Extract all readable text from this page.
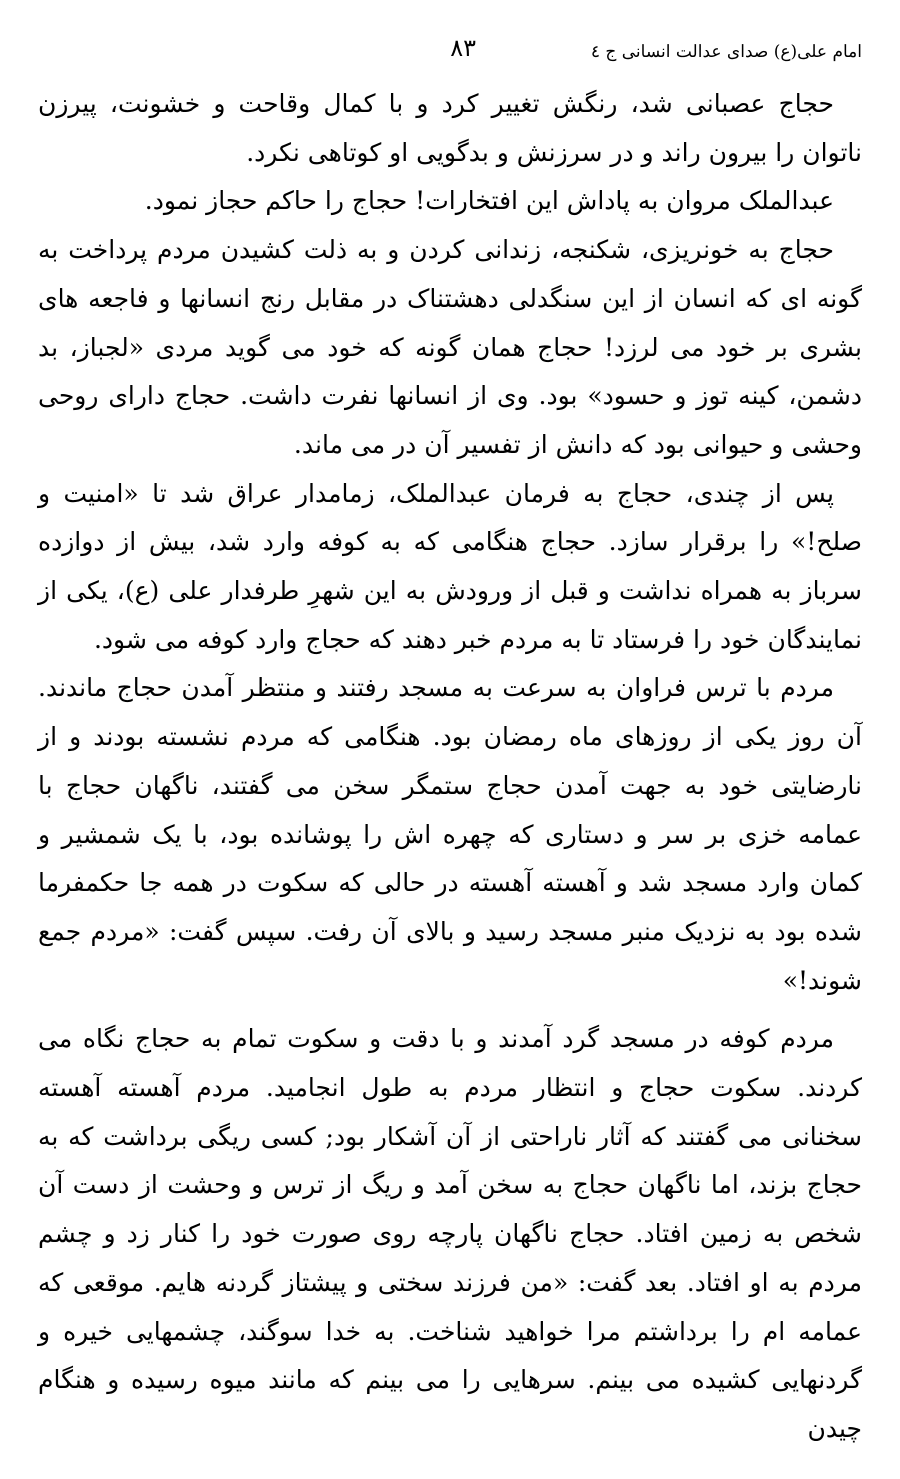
امام علی(ع) صدای عدالت انسانی ج ٤
۸۳

حجاج عصبانی شد، رنگش تغییر کرد و با کمال وقاحت و خشونت، پیرزن ناتوان را بیرون راند و در سرزنش و بدگویی او کوتاهی نکرد.

عبدالملک مروان به پاداش این افتخارات! حجاج را حاکم حجاز نمود.

حجاج به خونریزی، شکنجه، زندانی کردن و به ذلت کشیدن مردم پرداخت به گونه ای که انسان از این سنگدلی دهشتناک در مقابل رنج انسانها و فاجعه های بشری بر خود می لرزد! حجاج همان گونه که خود می گوید مردی «لجباز، بد دشمن، کینه توز و حسود» بود. وی از انسانها نفرت داشت. حجاج دارای روحی وحشی و حیوانی بود که دانش از تفسیر آن در می ماند.

پس از چندی، حجاج به فرمان عبدالملک، زمامدار عراق شد تا «امنیت و صلح!» را برقرار سازد. حجاج هنگامی که به کوفه وارد شد، بیش از دوازده سرباز به همراه نداشت و قبل از ورودش به این شهرِ طرفدار علی (ع)، یکی از نمایندگان خود را فرستاد تا به مردم خبر دهند که حجاج وارد کوفه می شود.

مردم با ترس فراوان به سرعت به مسجد رفتند و منتظر آمدن حجاج ماندند. آن روز یکی از روزهای ماه رمضان بود. هنگامی که مردم نشسته بودند و از نارضایتی خود به جهت آمدن حجاج ستمگر سخن می گفتند، ناگهان حجاج با عمامه خزی بر سر و دستاری که چهره اش را پوشانده بود، با یک شمشیر و کمان وارد مسجد شد و آهسته آهسته در حالی که سکوت در همه جا حکمفرما شده بود به نزدیک منبر مسجد رسید و بالای آن رفت. سپس گفت: «مردم جمع شوند!»

مردم کوفه در مسجد گرد آمدند و با دقت و سکوت تمام به حجاج نگاه می کردند. سکوت حجاج و انتظار مردم به طول انجامید. مردم آهسته آهسته سخنانی می گفتند که آثار ناراحتی از آن آشکار بود; کسی ریگی برداشت که به حجاج بزند، اما ناگهان حجاج به سخن آمد و ریگ از ترس و وحشت از دست آن شخص به زمین افتاد. حجاج ناگهان پارچه روی صورت خود را کنار زد و چشم مردم به او افتاد. بعد گفت: «من فرزند سختی و پیشتاز گردنه هایم. موقعی که عمامه ام را برداشتم مرا خواهید شناخت. به خدا سوگند، چشمهایی خیره و گردنهایی کشیده می بینم. سرهایی را می بینم که مانند میوه رسیده و هنگام چیدن
